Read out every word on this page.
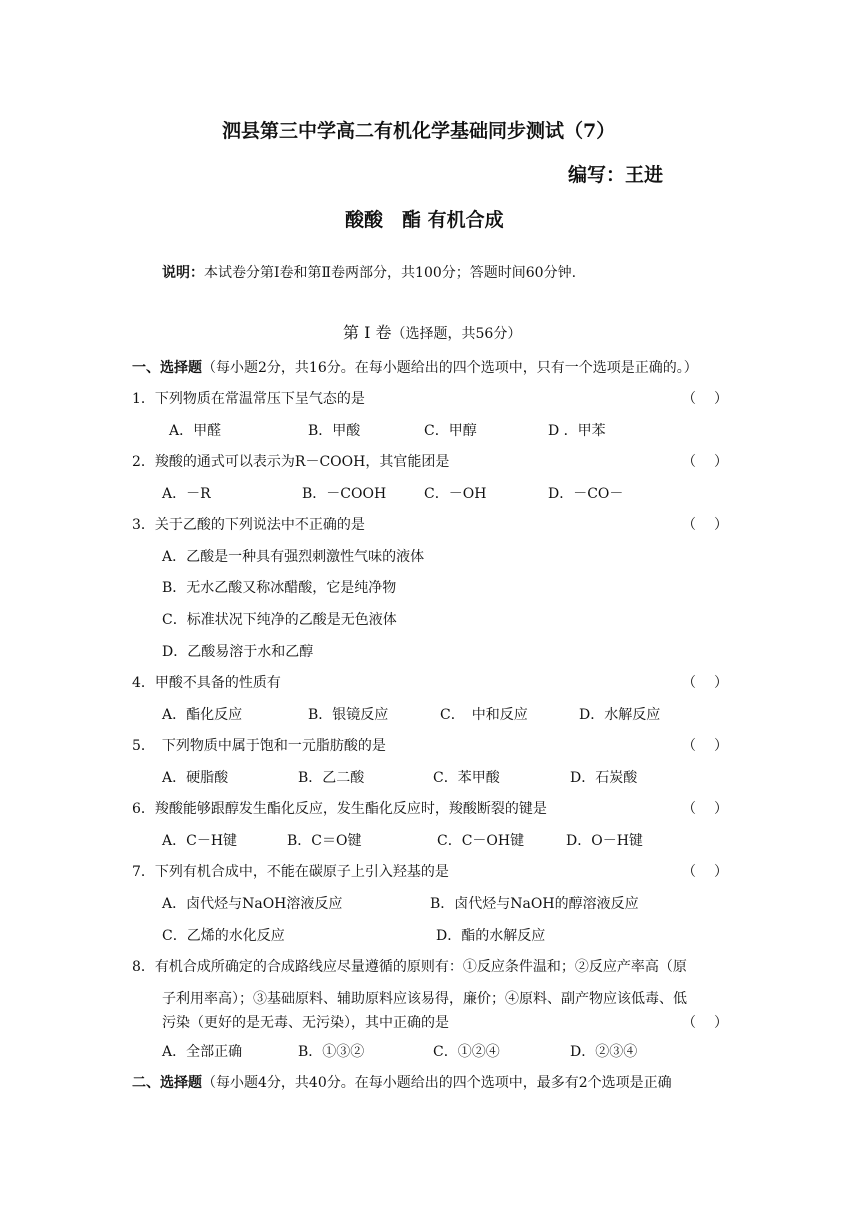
泗县第三中学高二有机化学基础同步测试（7）
编写：王进
酸酸　酯 有机合成
说明：本试卷分第Ⅰ卷和第Ⅱ卷两部分，共100分；答题时间60分钟.
第 Ⅰ 卷（选择题，共56分）
一、选择题（每小题2分，共16分。在每小题给出的四个选项中，只有一个选项是正确的。）
1．下列物质在常温常压下呈气态的是	（ ）
A．甲醛	B．甲酸	C．甲醇	D ．甲苯
2．羧酸的通式可以表示为R－COOH，其官能团是	（ ）
A．－R	B．－COOH	C．－OH	D．－CO－
3．关于乙酸的下列说法中不正确的是	（ ）
A．乙酸是一种具有强烈刺激性气味的液体
B．无水乙酸又称冰醋酸，它是纯净物
C．标准状况下纯净的乙酸是无色液体
D．乙酸易溶于水和乙醇
4．甲酸不具备的性质有	（ ）
A．酯化反应	B．银镜反应	C．　中和反应	D．水解反应
5．　下列物质中属于饱和一元脂肪酸的是	（ ）
A．硬脂酸	B．乙二酸	C．苯甲酸	D．石炭酸
6．羧酸能够跟醇发生酯化反应，发生酯化反应时，羧酸断裂的键是	（ ）
A．C－H键	B．C＝O键	C．C－OH键	D．O－H键
7．下列有机合成中，不能在碳原子上引入羟基的是	（ ）
A．卤代烃与NaOH溶液反应	B．卤代烃与NaOH的醇溶液反应
C．乙烯的水化反应	D．酯的水解反应
8．有机合成所确定的合成路线应尽量遵循的原则有：①反应条件温和；②反应产率高（原
子利用率高）；③基础原料、辅助原料应该易得，廉价；④原料、副产物应该低毒、低
污染（更好的是无毒、无污染），其中正确的是	（ ）
A．全部正确	B．①③②	C．①②④	D．②③④
二、选择题（每小题4分，共40分。在每小题给出的四个选项中，最多有2个选项是正确
